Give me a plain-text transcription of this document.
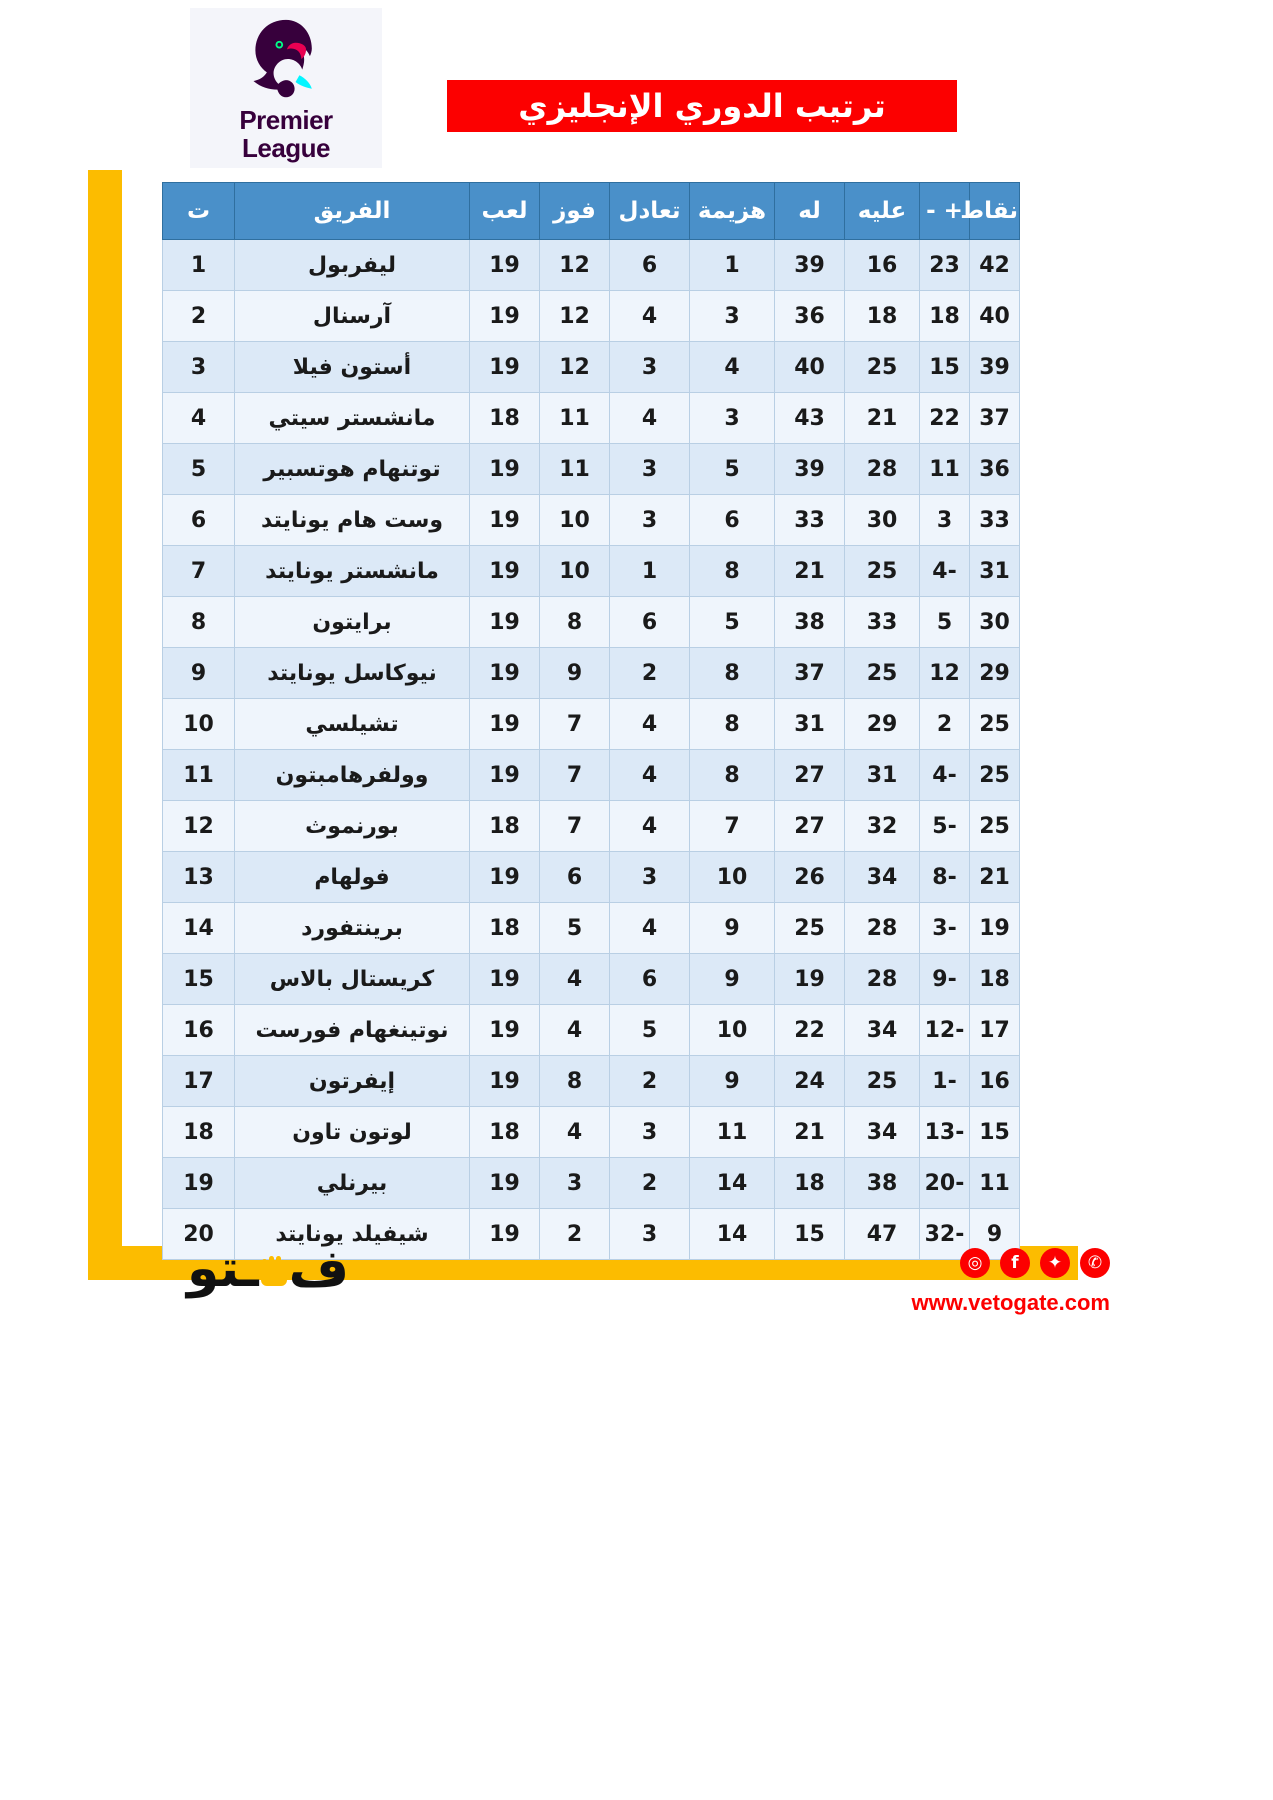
Premier
League
ترتيب الدوري الإنجليزي
نقاط	+ -	عليه	له	هزيمة	تعادل	فوز	لعب	الفريق	ت
42	23	16	39	1	6	12	19	ليفربول	1
40	18	18	36	3	4	12	19	آرسنال	2
39	15	25	40	4	3	12	19	أستون فيلا	3
37	22	21	43	3	4	11	18	مانشستر سيتي	4
36	11	28	39	5	3	11	19	توتنهام هوتسبير	5
33	3	30	33	6	3	10	19	وست هام يونايتد	6
31	-4	25	21	8	1	10	19	مانشستر يونايتد	7
30	5	33	38	5	6	8	19	برايتون	8
29	12	25	37	8	2	9	19	نيوكاسل يونايتد	9
25	2	29	31	8	4	7	19	تشيلسي	10
25	-4	31	27	8	4	7	19	وولفرهامبتون	11
25	-5	32	27	7	4	7	18	بورنموث	12
21	-8	34	26	10	3	6	19	فولهام	13
19	-3	28	25	9	4	5	18	برينتفورد	14
18	-9	28	19	9	6	4	19	كريستال بالاس	15
17	-12	34	22	10	5	4	19	نوتينغهام فورست	16
16	-1	25	24	9	2	8	19	إيفرتون	17
15	-13	34	21	11	3	4	18	لوتون تاون	18
11	-20	38	18	14	2	3	19	بيرنلي	19
9	-32	47	15	14	3	2	19	شيفيلد يونايتد	20
ف
ـتو	◎	f	✦	✆
www.vetogate.com
